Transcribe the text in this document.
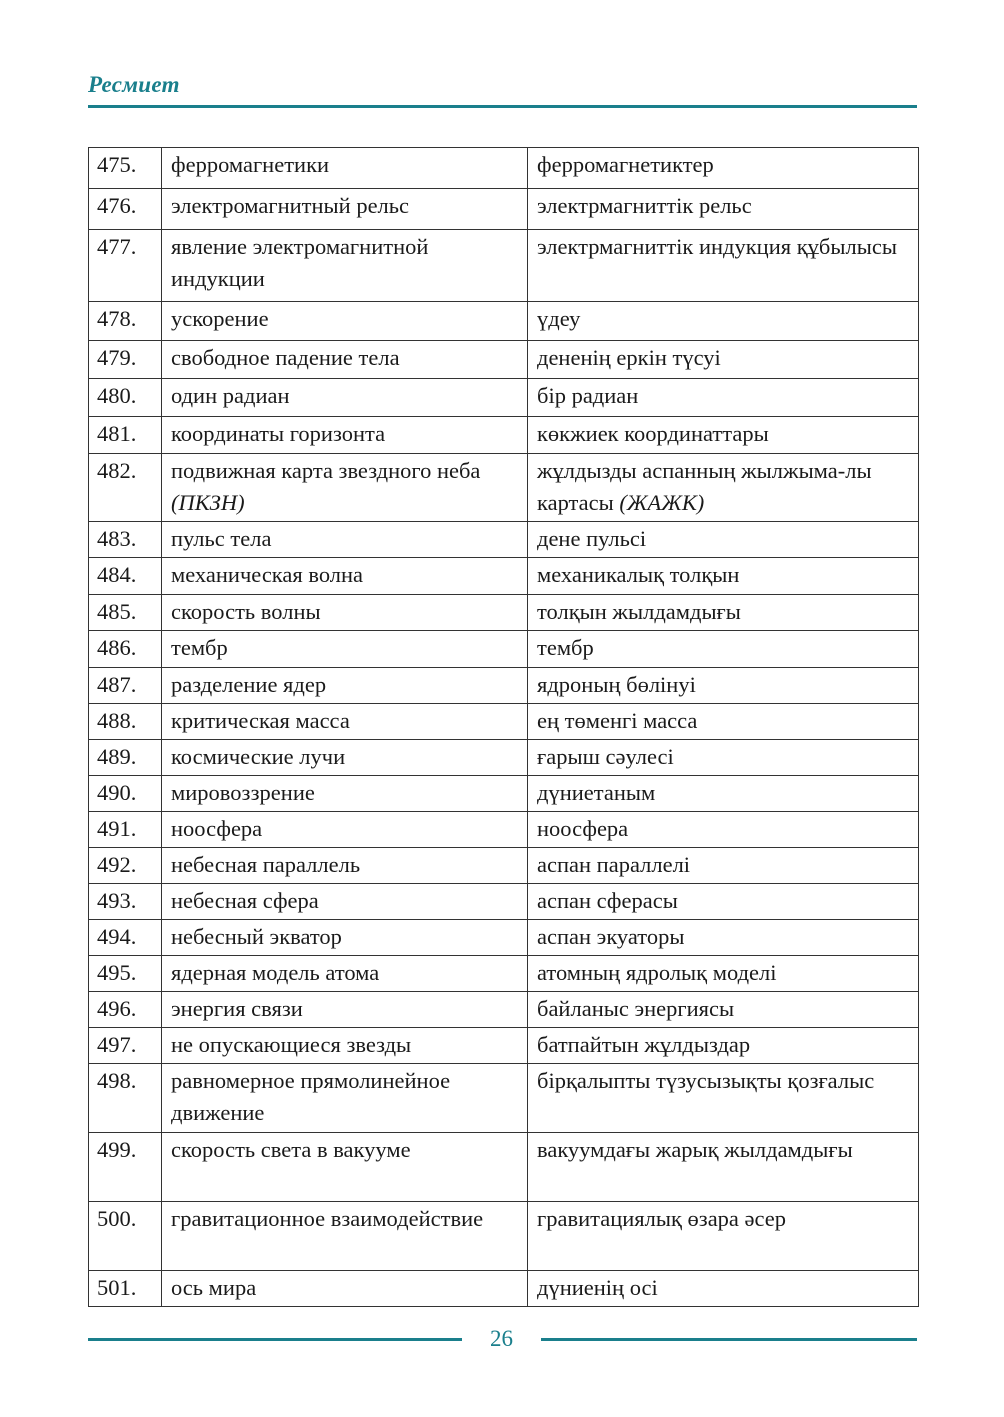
Ресмиет
475.	ферромагнетики	ферромагнетиктер
476.	электромагнитный рельс	электрмагниттік рельс
477.	явление электромагнитной индукции	электрмагниттік индукция құбылысы
478.	ускорение	үдеу
479.	свободное падение тела	дененің еркін түсуі
480.	один радиан	бір радиан
481.	координаты горизонта	көкжиек координаттары
482.	подвижная карта звездного неба (ПКЗН)	жұлдызды аспанның жылжыма-лы картасы (ЖАЖК)
483.	пульс тела	дене пульсі
484.	механическая волна	механикалық толқын
485.	скорость волны	толқын жылдамдығы
486.	тембр	тембр
487.	разделение ядер	ядроның бөлінуі
488.	критическая масса	ең төменгі масса
489.	космические лучи	ғарыш сәулесі
490.	мировоззрение	дүниетаным
491.	ноосфера	ноосфера
492.	небесная параллель	аспан параллелі
493.	небесная сфера	аспан сферасы
494.	небесный экватор	аспан экуаторы
495.	ядерная модель атома	атомның ядролық моделі
496.	энергия связи	байланыс энергиясы
497.	не опускающиеся звезды	батпайтын жұлдыздар
498.	равномерное прямолинейное движение	бірқалыпты түзусызықты қозғалыс
499.	скорость света в вакууме	вакуумдағы жарық жылдамдығы
500.	гравитационное взаимодействие	гравитациялық өзара әсер
501.	ось мира	дүниенің осі
26
